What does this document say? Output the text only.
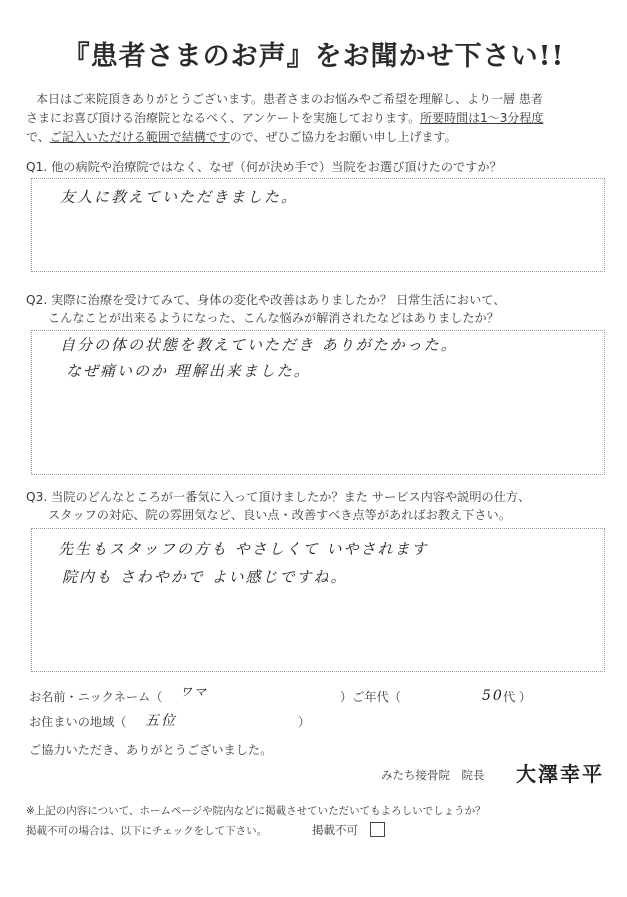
『患者さまのお声』をお聞かせ下さい!!
本日はご来院頂きありがとうございます。患者さまのお悩みやご希望を理解し、より一層 患者
さまにお喜び頂ける治療院となるべく、アンケートを実施しております。所要時間は1〜3分程度
で、ご記入いただける範囲で結構ですので、ぜひご協力をお願い申し上げます。
Q1. 他の病院や治療院ではなく、なぜ（何が決め手で）当院をお選び頂けたのですか？
友人に教えていただきました。
Q2. 実際に治療を受けてみて、身体の変化や改善はありましたか？ 日常生活において、
こんなことが出来るようになった、こんな悩みが解消されたなどはありましたか？
自分の体の状態を教えていただき ありがたかった。
なぜ痛いのか 理解出来ました。
Q3. 当院のどんなところが一番気に入って頂けましたか？また サービス内容や説明の仕方、
スタッフの対応、院の雰囲気など、良い点・改善すべき点等があればお教え下さい。
先生もスタッフの方も やさしくて いやされます
院内も さわやかで よい感じですね。
お名前・ニックネーム（ ワマ	）ご年代（	50 代 ）
お住まいの地域（ 五位	）
ご協力いただき、ありがとうございました。
みたち接骨院　院長 大澤幸平
※上記の内容について、ホームページや院内などに掲載させていただいてもよろしいでしょうか？
掲載不可の場合は、以下にチェックをして下さい。	掲載不可
